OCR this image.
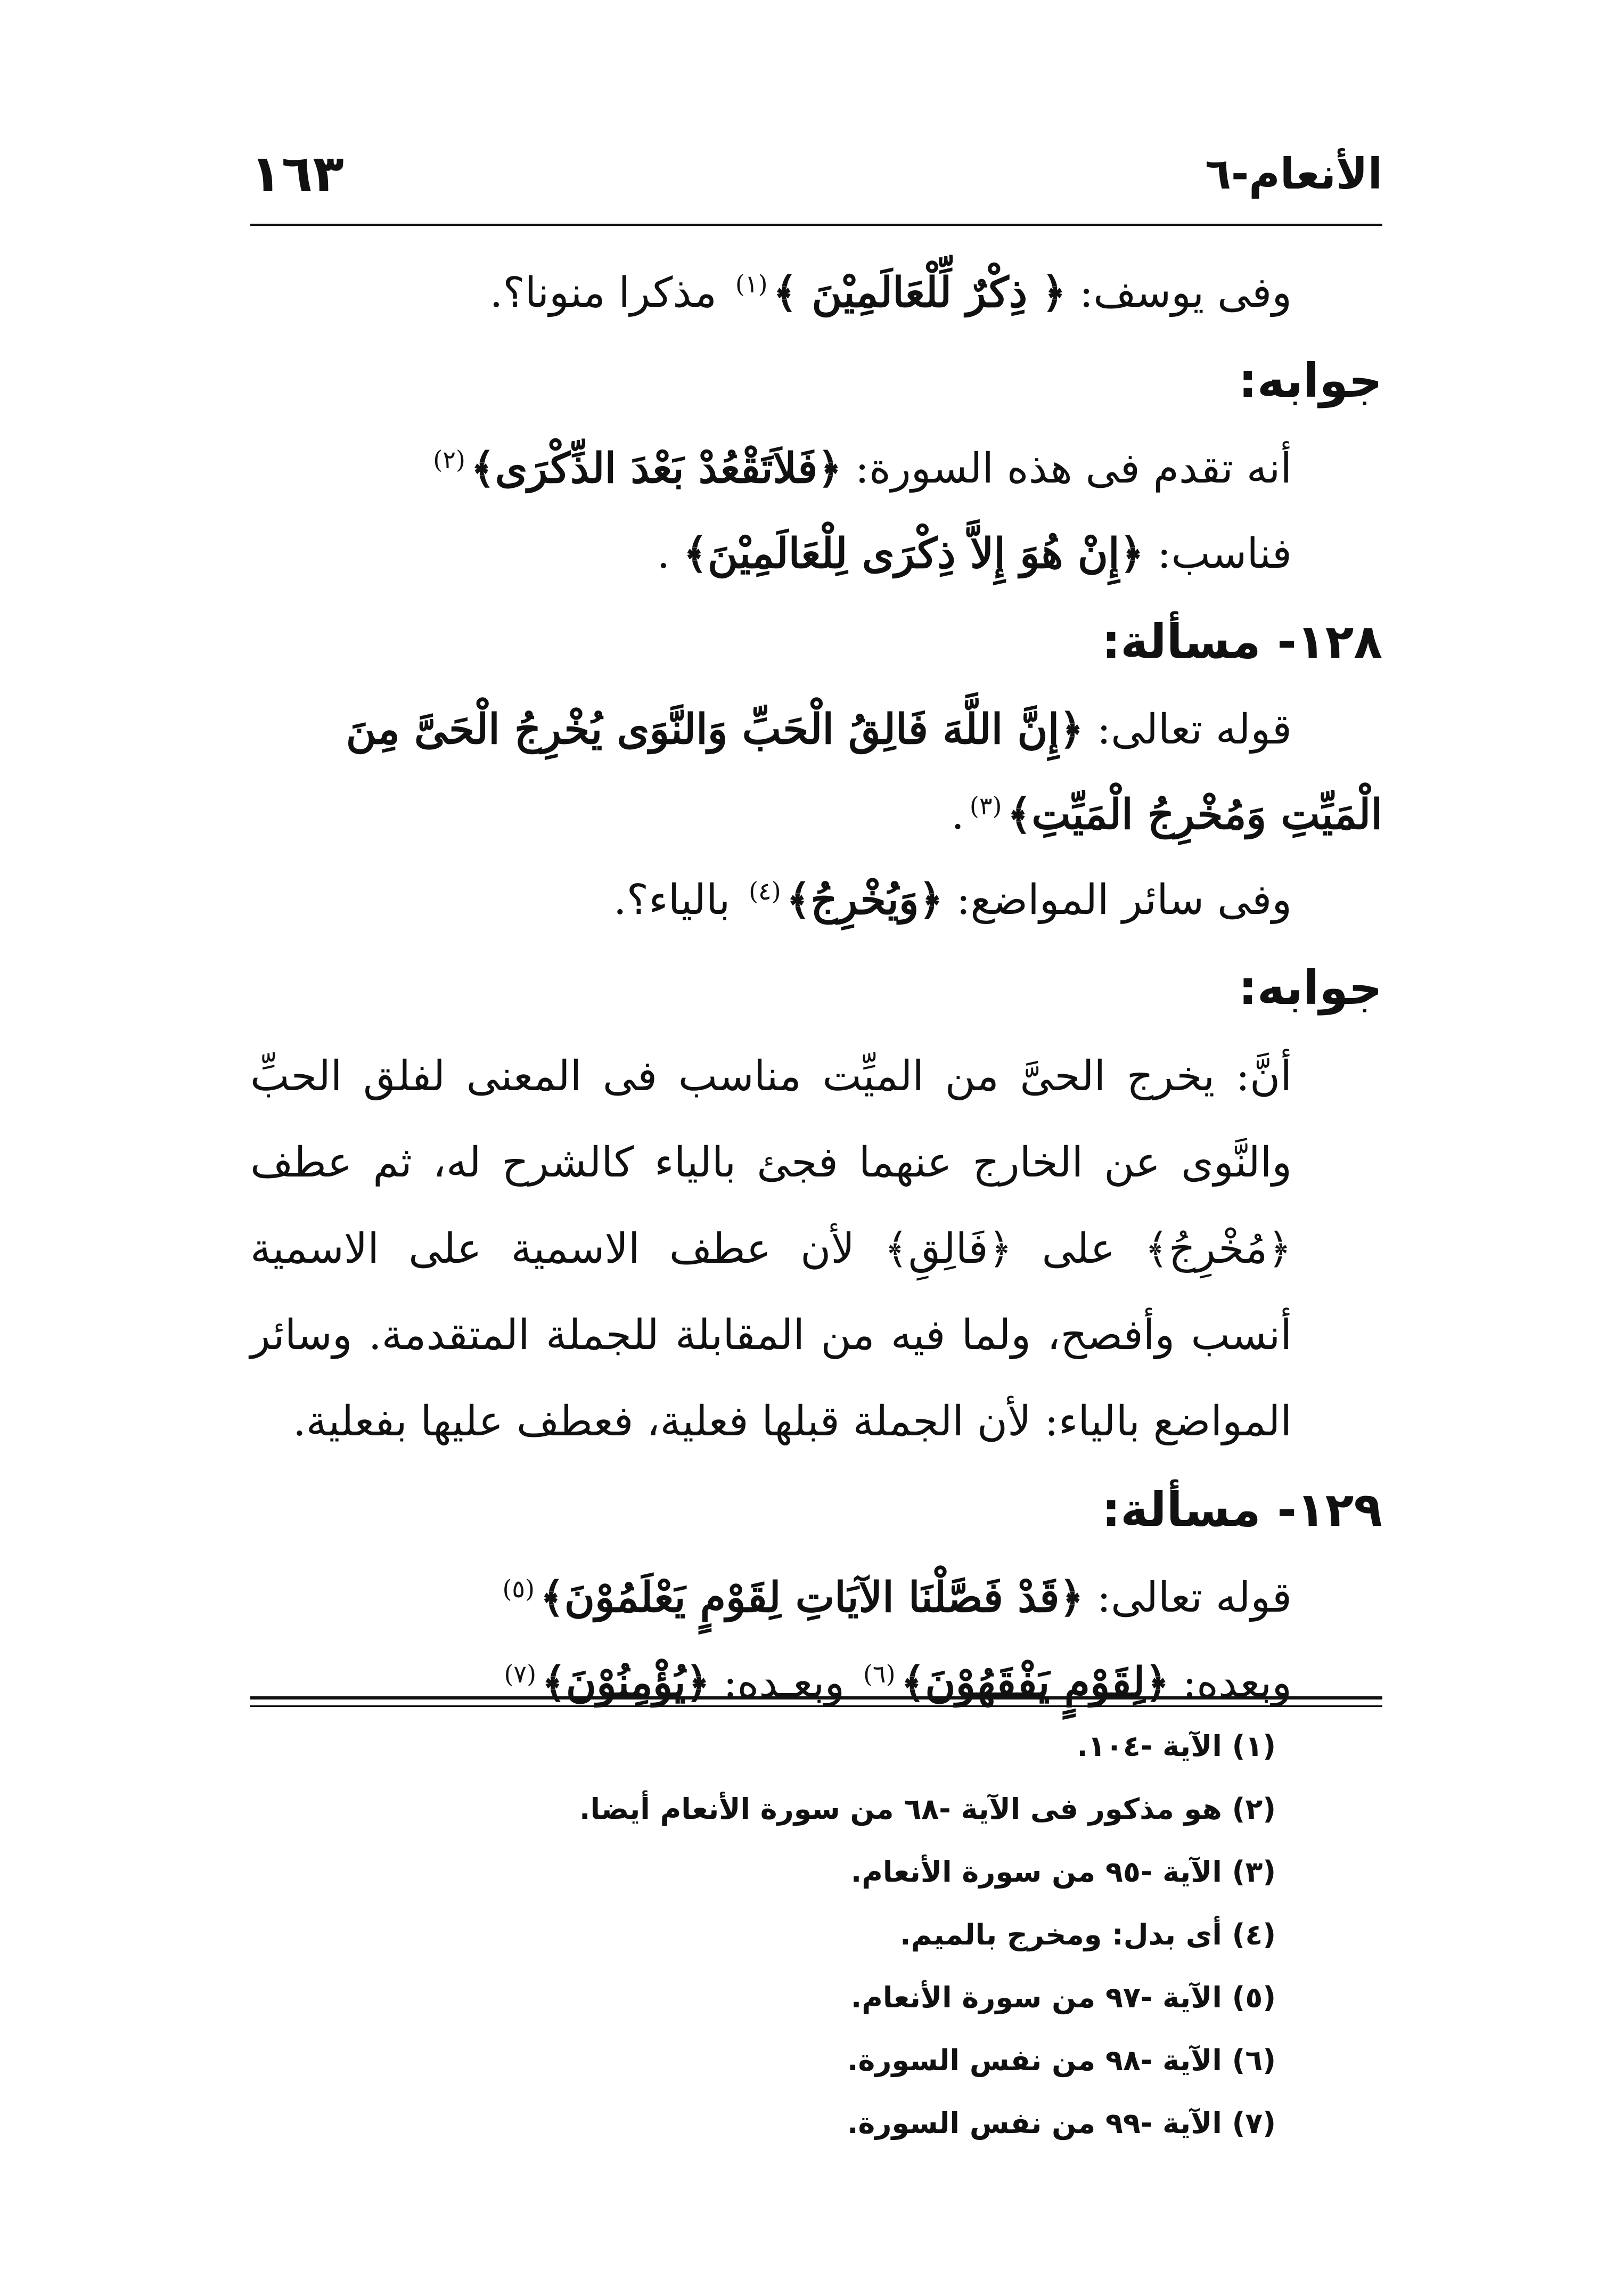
الأنعام-٦
١٦٣
وفى يوسف: ﴿ ذِكْرٌ لِّلْعَالَمِيْنَ ﴾$^{(١)}$ مذكرا منونا؟.
جوابه:
أنه تقدم فى هذه السورة: ﴿فَلاَتَقْعُدْ بَعْدَ الذِّكْرَى﴾$^{(٢)}$
فناسب: ﴿إِنْ هُوَ إِلاَّ ذِكْرَى لِلْعَالَمِيْنَ﴾ .
١٢٨- مسألة:
قوله تعالى: ﴿إِنَّ اللَّهَ فَالِقُ الْحَبِّ وَالنَّوَى يُخْرِجُ الْحَىَّ مِنَ
الْمَيِّتِ وَمُخْرِجُ الْمَيِّتِ﴾$^{(٣)}$.
وفى سائر المواضع: ﴿وَيُخْرِجُ﴾$^{(٤)}$ بالياء؟.
جوابه:
أنَّ: يخرج الحىَّ من الميِّت مناسب فى المعنى لفلق الحبِّ والنَّوى عن الخارج عنهما فجئ بالياء كالشرح له، ثم عطف ﴿مُخْرِجُ﴾ على ﴿فَالِقِ﴾ لأن عطف الاسمية على الاسمية أنسب وأفصح، ولما فيه من المقابلة للجملة المتقدمة. وسائر المواضع بالياء: لأن الجملة قبلها فعلية، فعطف عليها بفعلية.
١٢٩- مسألة:
قوله تعالى: ﴿قَدْ فَصَّلْنَا الآيَاتِ لِقَوْمٍ يَعْلَمُوْنَ﴾$^{(٥)}$
وبعده: ﴿لِقَوْمٍ يَفْقَهُوْنَ﴾$^{(٦)}$ وبعـده: ﴿يُؤْمِنُوْنَ﴾$^{(٧)}$
(١) الآية -١٠٤.
(٢) هو مذكور فى الآية -٦٨ من سورة الأنعام أيضا.
(٣) الآية -٩٥ من سورة الأنعام.
(٤) أى بدل: ومخرج بالميم.
(٥) الآية -٩٧ من سورة الأنعام.
(٦) الآية -٩٨ من نفس السورة.
(٧) الآية -٩٩ من نفس السورة.
